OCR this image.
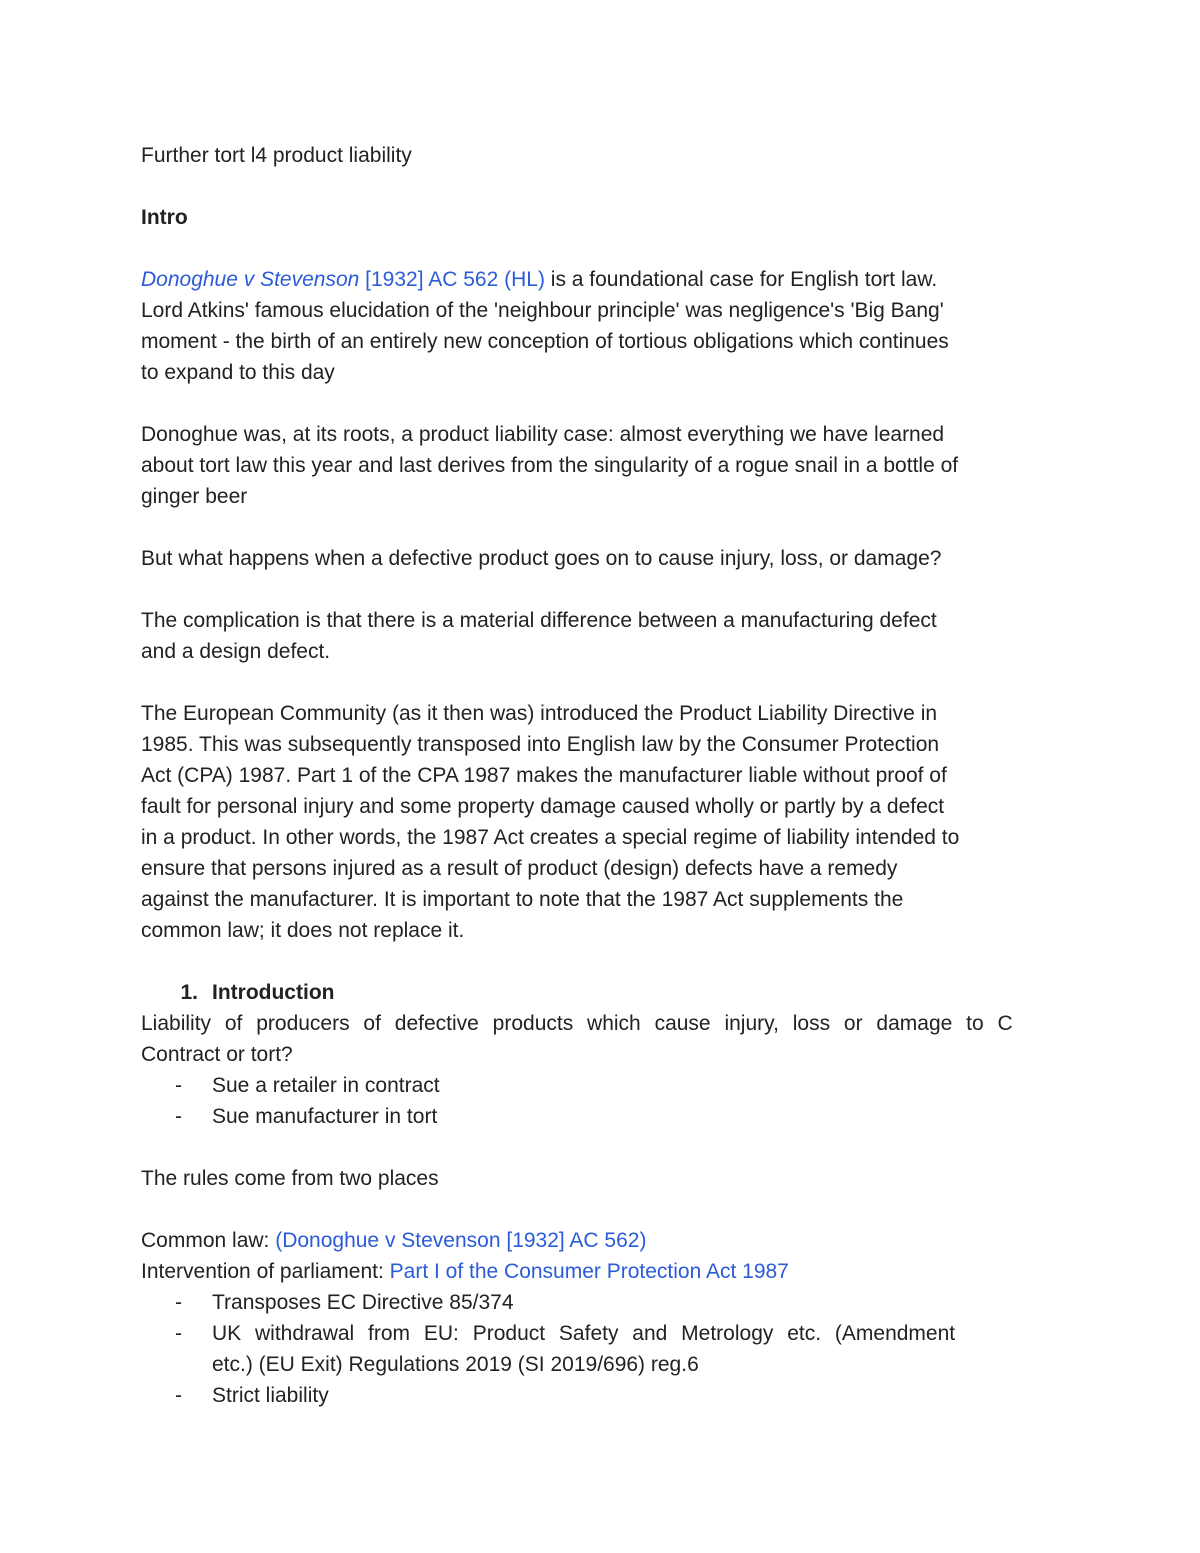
Further tort l4 product liability

Intro

Donoghue v Stevenson [1932] AC 562 (HL) is a foundational case for English tort law.

Lord Atkins' famous elucidation of the 'neighbour principle' was negligence's 'Big Bang'

moment - the birth of an entirely new conception of tortious obligations which continues

to expand to this day

Donoghue was, at its roots, a product liability case: almost everything we have learned

about tort law this year and last derives from the singularity of a rogue snail in a bottle of

ginger beer

But what happens when a defective product goes on to cause injury, loss, or damage?

The complication is that there is a material difference between a manufacturing defect

and a design defect.

The European Community (as it then was) introduced the Product Liability Directive in

1985. This was subsequently transposed into English law by the Consumer Protection

Act (CPA) 1987. Part 1 of the CPA 1987 makes the manufacturer liable without proof of

fault for personal injury and some property damage caused wholly or partly by a defect

in a product. In other words, the 1987 Act creates a special regime of liability intended to

ensure that persons injured as a result of product (design) defects have a remedy

against the manufacturer. It is important to note that the 1987 Act supplements the

common law; it does not replace it.

1. Introduction

Liability of producers of defective products which cause injury, loss or damage to C

Contract or tort?

-	Sue a retailer in contract
-	Sue manufacturer in tort

The rules come from two places

Common law: (Donoghue v Stevenson [1932] AC 562)

Intervention of parliament: Part I of the Consumer Protection Act 1987

-	Transposes EC Directive 85/374
-	UK withdrawal from EU: Product Safety and Metrology etc. (Amendment
etc.) (EU Exit) Regulations 2019 (SI 2019/696) reg.6
-	Strict liability
